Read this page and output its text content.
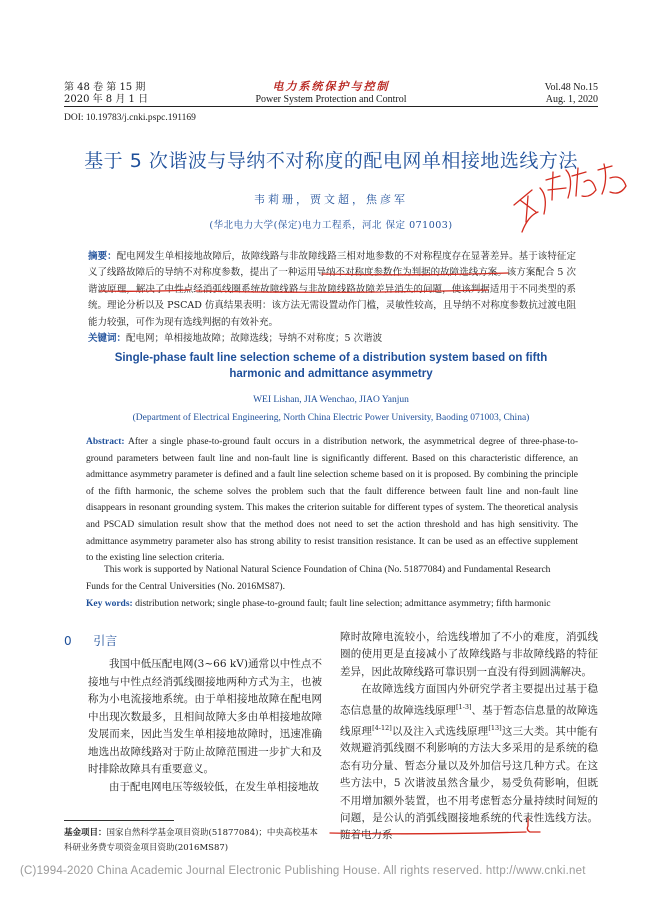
第 48 卷 第 15 期
2020 年 8 月 1 日
电力系统保护与控制
Power System Protection and Control
Vol.48 No.15
Aug. 1, 2020
DOI: 10.19783/j.cnki.pspc.191169
基于 5 次谐波与导纳不对称度的配电网单相接地选线方法
韦莉珊，贾文超，焦彦军
(华北电力大学(保定)电力工程系，河北 保定 071003)
摘要：配电网发生单相接地故障后，故障线路与非故障线路三相对地参数的不对称程度存在显著差异。基于该特征定义了线路故障后的导纳不对称度参数，提出了一种运用导纳不对称度参数作为判据的故障选线方案。该方案配合 5 次谐波原理，解决了中性点经消弧线圈系统故障线路与非故障线路故障差异消失的问题，使该判据适用于不同类型的系统。理论分析以及 PSCAD 仿真结果表明：该方法无需设置动作门槛，灵敏性较高，且导纳不对称度参数抗过渡电阻能力较强，可作为现有选线判据的有效补充。
关键词：配电网；单相接地故障；故障选线；导纳不对称度；5 次谐波
Single-phase fault line selection scheme of a distribution system based on fifth
harmonic and admittance asymmetry
WEI Lishan, JIA Wenchao, JIAO Yanjun
(Department of Electrical Engineering, North China Electric Power University, Baoding 071003, China)
Abstract: After a single phase-to-ground fault occurs in a distribution network, the asymmetrical degree of three-phase-to-ground parameters between fault line and non-fault line is significantly different. Based on this characteristic difference, an admittance asymmetry parameter is defined and a fault line selection scheme based on it is proposed. By combining the principle of the fifth harmonic, the scheme solves the problem such that the fault difference between fault line and non-fault line disappears in resonant grounding system. This makes the criterion suitable for different types of system. The theoretical analysis and PSCAD simulation result show that the method does not need to set the action threshold and has high sensitivity. The admittance asymmetry parameter also has strong ability to resist transition resistance. It can be used as an effective supplement to the existing line selection criteria.
This work is supported by National Natural Science Foundation of China (No. 51877084) and Fundamental Research
Funds for the Central Universities (No. 2016MS87).
Key words: distribution network; single phase-to-ground fault; fault line selection; admittance asymmetry; fifth harmonic
0 引言

我国中低压配电网(3~66 kV)通常以中性点不接地与中性点经消弧线圈接地两种方式为主，也被称为小电流接地系统。由于单相接地故障在配电网中出现次数最多，且相间故障大多由单相接地故障发展而来，因此当发生单相接地故障时，迅速准确地选出故障线路对于防止故障范围进一步扩大和及时排除故障具有重要意义。

由于配电网电压等级较低，在发生单相接地故

障时故障电流较小，给选线增加了不小的难度，消弧线圈的使用更是直接减小了故障线路与非故障线路的特征差异，因此故障线路可靠识别一直没有得到圆满解决。

在故障选线方面国内外研究学者主要提出过基于稳态信息量的故障选线原理[1-3]、基于暂态信息量的故障选线原理[4-12]以及注入式选线原理[13]这三大类。其中能有效规避消弧线圈不利影响的方法大多采用的是系统的稳态有功分量、暂态分量以及外加信号这几种方式。在这些方法中，5 次谐波虽然含量少，易受负荷影响，但既不用增加额外装置，也不用考虑暂态分量持续时间短的问题，是公认的消弧线圈接地系统的代表性选线方法。随着电力系

基金项目：国家自然科学基金项目资助(51877084)；中央高校基本科研业务费专项资金项目资助(2016MS87)
(C)1994-2020 China Academic Journal Electronic Publishing House. All rights reserved. http://www.cnki.net
